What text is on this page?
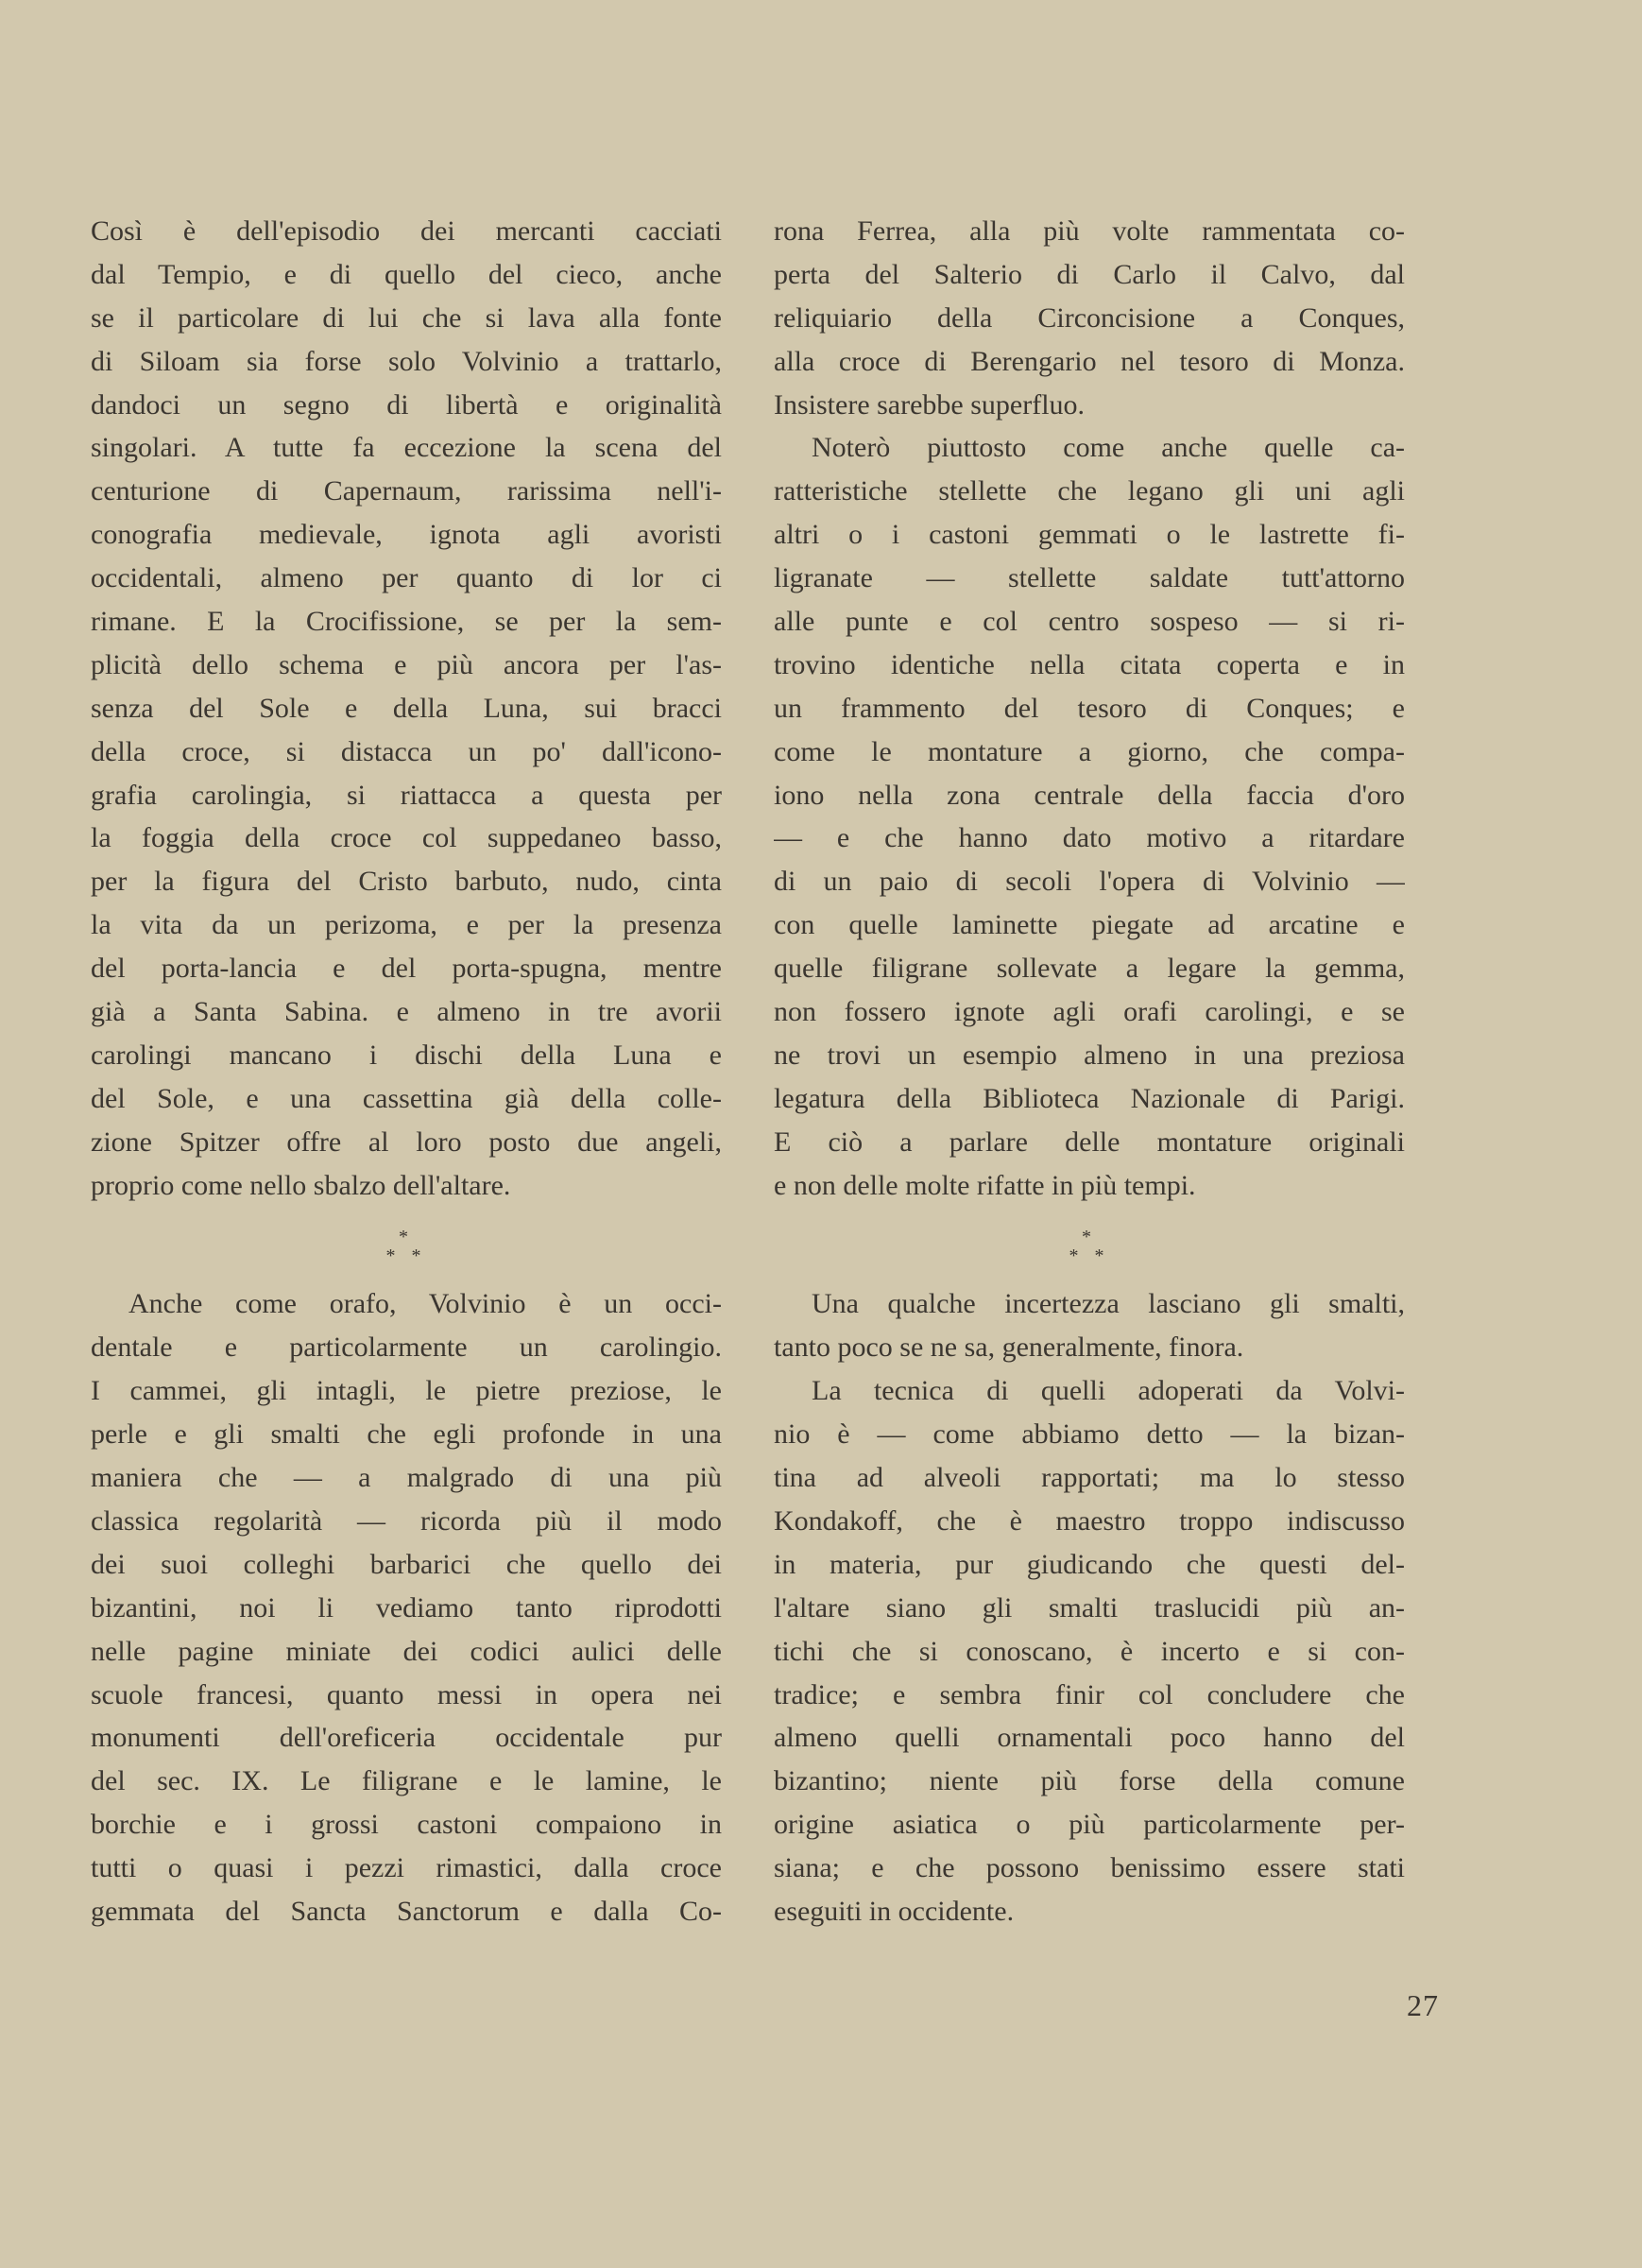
Così è dell'episodio dei mercanti cacciati
dal Tempio, e di quello del cieco, anche
se il particolare di lui che si lava alla fonte
di Siloam sia forse solo Volvinio a trattarlo,
dandoci un segno di libertà e originalità
singolari. A tutte fa eccezione la scena del
centurione di Capernaum, rarissima nell'i-
conografia medievale, ignota agli avoristi
occidentali, almeno per quanto di lor ci
rimane. E la Crocifissione, se per la sem-
plicità dello schema e più ancora per l'as-
senza del Sole e della Luna, sui bracci
della croce, si distacca un po' dall'icono-
grafia carolingia, si riattacca a questa per
la foggia della croce col suppedaneo basso,
per la figura del Cristo barbuto, nudo, cinta
la vita da un perizoma, e per la presenza
del porta-lancia e del porta-spugna, mentre
già a Santa Sabina. e almeno in tre avorii
carolingi mancano i dischi della Luna e
del Sole, e una cassettina già della colle-
zione Spitzer offre al loro posto due angeli,
proprio come nello sbalzo dell'altare.
*
* *
Anche come orafo, Volvinio è un occi-
dentale e particolarmente un carolingio.
I cammei, gli intagli, le pietre preziose, le
perle e gli smalti che egli profonde in una
maniera che — a malgrado di una più
classica regolarità — ricorda più il modo
dei suoi colleghi barbarici che quello dei
bizantini, noi li vediamo tanto riprodotti
nelle pagine miniate dei codici aulici delle
scuole francesi, quanto messi in opera nei
monumenti dell'oreficeria occidentale pur
del sec. IX. Le filigrane e le lamine, le
borchie e i grossi castoni compaiono in
tutti o quasi i pezzi rimastici, dalla croce
gemmata del Sancta Sanctorum e dalla Co-
rona Ferrea, alla più volte rammentata co-
perta del Salterio di Carlo il Calvo, dal
reliquiario della Circoncisione a Conques,
alla croce di Berengario nel tesoro di Monza.
Insistere sarebbe superfluo.
Noterò piuttosto come anche quelle ca-
ratteristiche stellette che legano gli uni agli
altri o i castoni gemmati o le lastrette fi-
ligranate — stellette saldate tutt'attorno
alle punte e col centro sospeso — si ri-
trovino identiche nella citata coperta e in
un frammento del tesoro di Conques; e
come le montature a giorno, che compa-
iono nella zona centrale della faccia d'oro
— e che hanno dato motivo a ritardare
di un paio di secoli l'opera di Volvinio —
con quelle laminette piegate ad arcatine e
quelle filigrane sollevate a legare la gemma,
non fossero ignote agli orafi carolingi, e se
ne trovi un esempio almeno in una preziosa
legatura della Biblioteca Nazionale di Parigi.
E ciò a parlare delle montature originali
e non delle molte rifatte in più tempi.
*
* *
Una qualche incertezza lasciano gli smalti,
tanto poco se ne sa, generalmente, finora.
La tecnica di quelli adoperati da Volvi-
nio è — come abbiamo detto — la bizan-
tina ad alveoli rapportati; ma lo stesso
Kondakoff, che è maestro troppo indiscusso
in materia, pur giudicando che questi del-
l'altare siano gli smalti traslucidi più an-
tichi che si conoscano, è incerto e si con-
tradice; e sembra finir col concludere che
almeno quelli ornamentali poco hanno del
bizantino; niente più forse della comune
origine asiatica o più particolarmente per-
siana; e che possono benissimo essere stati
eseguiti in occidente.
27
